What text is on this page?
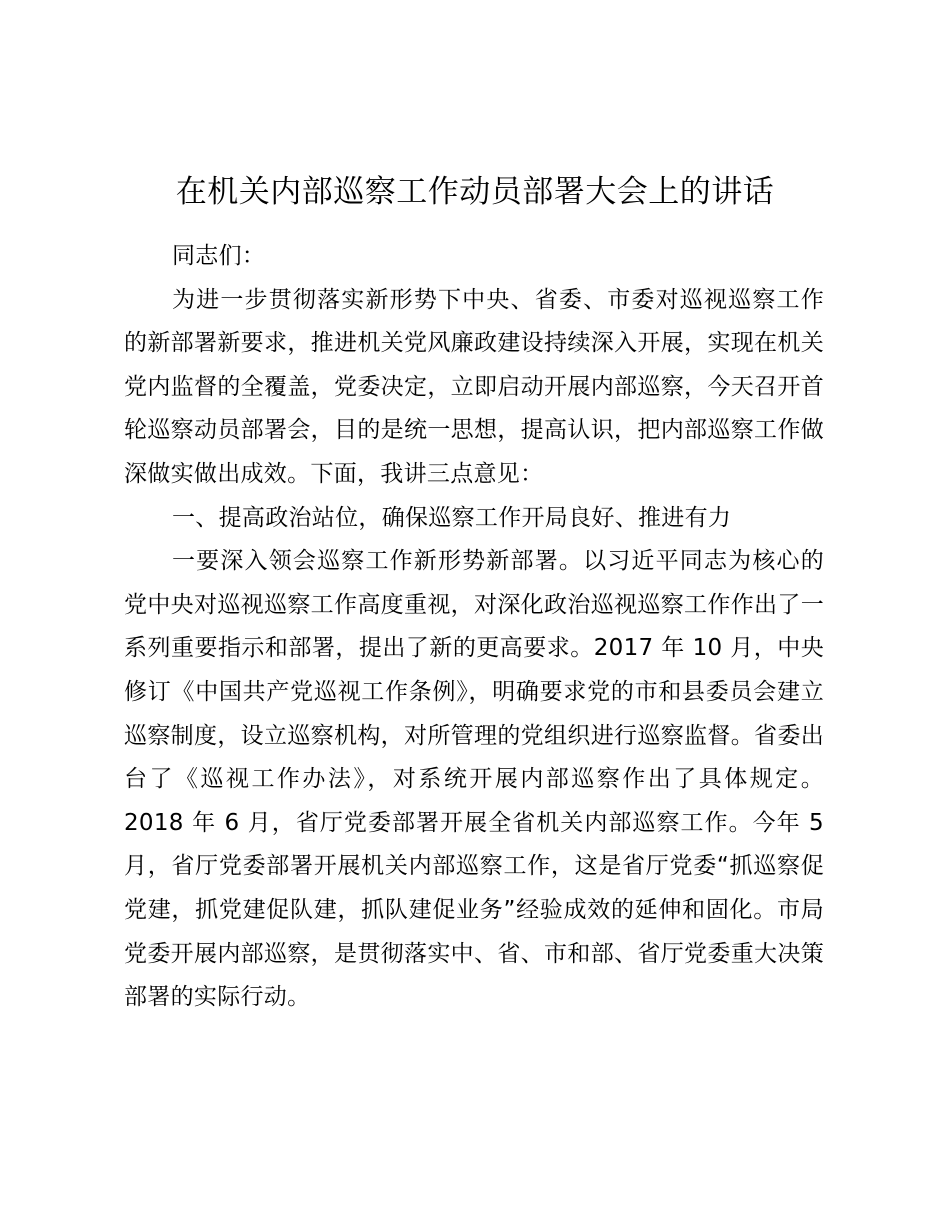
在机关内部巡察工作动员部署大会上的讲话

同志们：

为进一步贯彻落实新形势下中央、省委、市委对巡视巡察工作的新部署新要求，推进机关党风廉政建设持续深入开展，实现在机关党内监督的全覆盖，党委决定，立即启动开展内部巡察，今天召开首轮巡察动员部署会，目的是统一思想，提高认识，把内部巡察工作做深做实做出成效。下面，我讲三点意见：

一、提高政治站位，确保巡察工作开局良好、推进有力

一要深入领会巡察工作新形势新部署。以习近平同志为核心的党中央对巡视巡察工作高度重视，对深化政治巡视巡察工作作出了一系列重要指示和部署，提出了新的更高要求。2017 年 10 月，中央修订《中国共产党巡视工作条例》，明确要求党的市和县委员会建立巡察制度，设立巡察机构，对所管理的党组织进行巡察监督。省委出台了《巡视工作办法》，对系统开展内部巡察作出了具体规定。2018 年 6 月，省厅党委部署开展全省机关内部巡察工作。今年 5 月，省厅党委部署开展机关内部巡察工作，这是省厅党委“抓巡察促党建，抓党建促队建，抓队建促业务”经验成效的延伸和固化。市局党委开展内部巡察，是贯彻落实中、省、市和部、省厅党委重大决策部署的实际行动。
